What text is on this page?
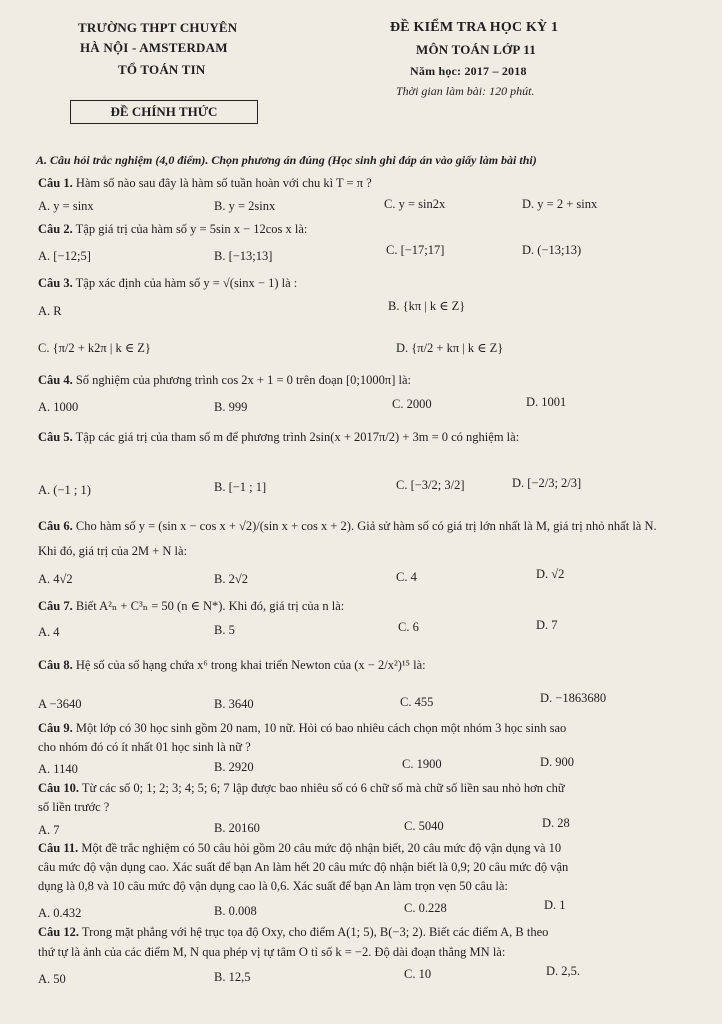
TRƯỜNG THPT CHUYÊN
HÀ NỘI - AMSTERDAM
TỔ TOÁN TIN
ĐỀ KIỂM TRA HỌC KỲ 1
MÔN TOÁN LỚP 11
Năm học: 2017 – 2018
Thời gian làm bài: 120 phút.
ĐỀ CHÍNH THỨC
A. Câu hỏi trắc nghiệm (4,0 điểm). Chọn phương án đúng (Học sinh ghi đáp án vào giấy làm bài thi)
Câu 1. Hàm số nào sau đây là hàm số tuần hoàn với chu kì T = π ?
A. y = sinx	B. y = 2sinx	C. y = sin2x	D. y = 2 + sinx
Câu 2. Tập giá trị của hàm số y = 5sin x − 12cos x là:
A. [−12;5]	B. [−13;13]	C. [−17;17]	D. (−13;13)
Câu 3. Tập xác định của hàm số y = √(sinx − 1) là :
A. R	B. {kπ | k ∈ Z}
C. {π/2 + k2π | k ∈ Z}	D. {π/2 + kπ | k ∈ Z}
Câu 4. Số nghiệm của phương trình cos 2x + 1 = 0 trên đoạn [0;1000π] là:
A. 1000	B. 999	C. 2000	D. 1001
Câu 5. Tập các giá trị của tham số m để phương trình 2sin(x + 2017π/2) + 3m = 0 có nghiệm là:
A. (−1 ; 1)	B. [−1 ; 1]	C. [−3/2; 3/2]	D. [−2/3; 2/3]
Câu 6. Cho hàm số y = (sin x − cos x + √2)/(sin x + cos x + 2). Giả sử hàm số có giá trị lớn nhất là M, giá trị nhỏ nhất là N.
Khi đó, giá trị của 2M + N là:
A. 4√2	B. 2√2	C. 4	D. √2
Câu 7. Biết A²ₙ + C³ₙ = 50 (n ∈ N*). Khi đó, giá trị của n là:
A. 4	B. 5	C. 6	D. 7
Câu 8. Hệ số của số hạng chứa x⁶ trong khai triển Newton của (x − 2/x²)¹⁵ là:
A −3640	B. 3640	C. 455	D. −1863680
Câu 9. Một lớp có 30 học sinh gồm 20 nam, 10 nữ. Hỏi có bao nhiêu cách chọn một nhóm 3 học sinh sao
cho nhóm đó có ít nhất 01 học sinh là nữ ?
A. 1140	B. 2920	C. 1900	D. 900
Câu 10. Từ các số 0; 1; 2; 3; 4; 5; 6; 7 lập được bao nhiêu số có 6 chữ số mà chữ số liền sau nhỏ hơn chữ
số liền trước ?
A. 7	B. 20160	C. 5040	D. 28
Câu 11. Một đề trắc nghiệm có 50 câu hỏi gồm 20 câu mức độ nhận biết, 20 câu mức độ vận dụng và 10
câu mức độ vận dụng cao. Xác suất để bạn An làm hết 20 câu mức độ nhận biết là 0,9; 20 câu mức độ vận
dụng là 0,8 và 10 câu mức độ vận dụng cao là 0,6. Xác suất để bạn An làm trọn vẹn 50 câu là:
A. 0.432	B. 0.008	C. 0.228	D. 1
Câu 12. Trong mặt phẳng với hệ trục tọa độ Oxy, cho điểm A(1; 5), B(−3; 2). Biết các điểm A, B theo
thứ tự là ảnh của các điểm M, N qua phép vị tự tâm O tỉ số k = −2. Độ dài đoạn thẳng MN là:
A. 50	B. 12,5	C. 10	D. 2,5.
